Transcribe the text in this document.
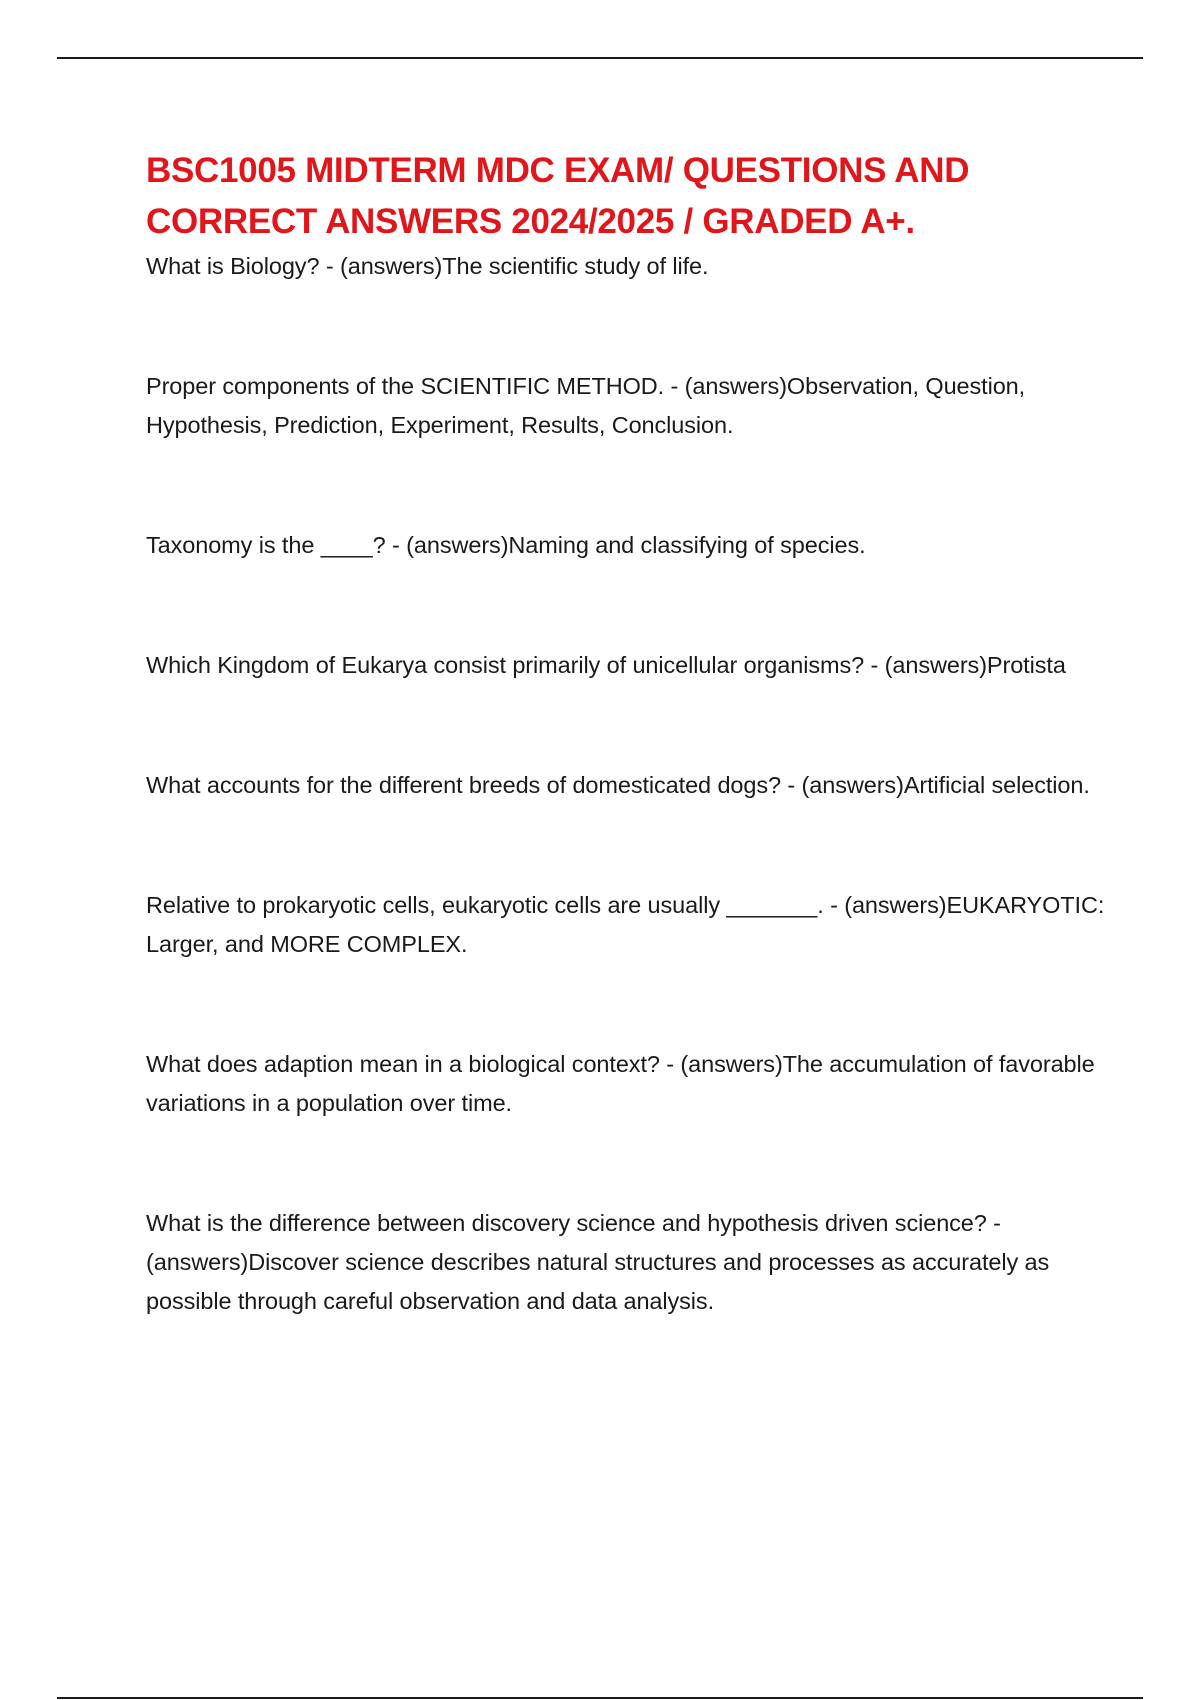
BSC1005 MIDTERM MDC EXAM/ QUESTIONS AND CORRECT ANSWERS 2024/2025 / GRADED A+.

What is Biology? - (answers)The scientific study of life.

Proper components of the SCIENTIFIC METHOD. - (answers)Observation, Question, Hypothesis, Prediction, Experiment, Results, Conclusion.

Taxonomy is the ____? - (answers)Naming and classifying of species.

Which Kingdom of Eukarya consist primarily of unicellular organisms? - (answers)Protista

What accounts for the different breeds of domesticated dogs? - (answers)Artificial selection.

Relative to prokaryotic cells, eukaryotic cells are usually _______. - (answers)EUKARYOTIC: Larger, and MORE COMPLEX.

What does adaption mean in a biological context? - (answers)The accumulation of favorable variations in a population over time.

What is the difference between discovery science and hypothesis driven science? - (answers)Discover science describes natural structures and processes as accurately as possible through careful observation and data analysis.
